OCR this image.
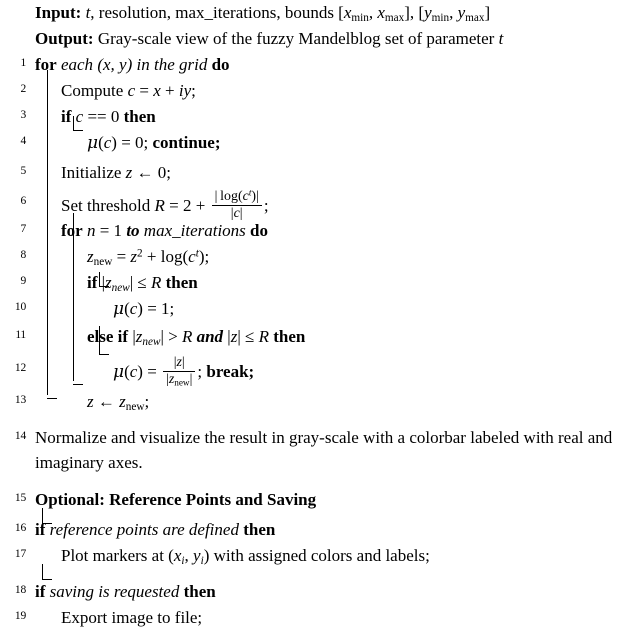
Input: t, resolution, max_iterations, bounds [$x_{min}$, $x_{max}$], [$y_{min}$, $y_{max}$]
Output: Gray-scale view of the fuzzy Mandelblog set of parameter t
1 for each (x, y) in the grid do
2	Compute c = x + iy;
3	if c == 0 then
4	μ(c) = 0; continue;
5	Initialize z ← 0;
6	Set threshold $R = 2 + \frac{| \log(c^t)|}{|c|}$ ;
7	for n = 1 to max_iterations do
8	$z_{new} = z^2 + \log(c^t)$;
9	if $|z_{new}| \le R$ then
10	μ(c) = 1;
11	else if $|z_{new}| > R$ and |z| ≤ R then
12	$\mu(c) = \frac{|z|}{|z_{new}|}$ ; break;
13	z ← $z_{new}$;
14 Normalize and visualize the result in gray-scale with a colorbar labeled with real and imaginary axes.
15 Optional: Reference Points and Saving
16 if reference points are defined then
17	Plot markers at ($x_i$, $y_i$) with assigned colors and labels;
18 if saving is requested then
19	Export image to file;
